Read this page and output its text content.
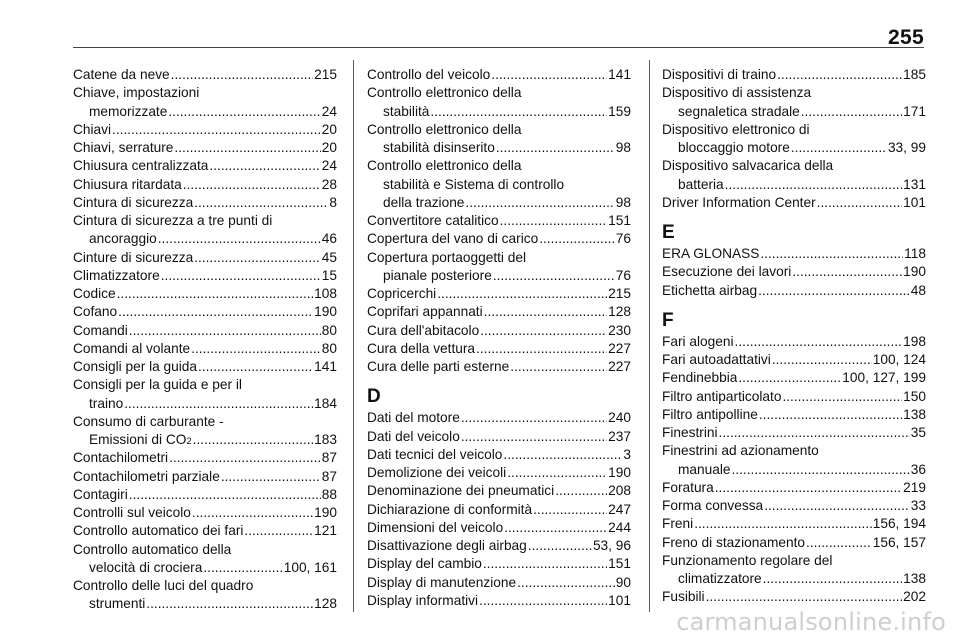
255
Catene da neve .....	215
Chiave, impostazioni
memorizzate .....	24
Chiavi .....	20
Chiavi, serrature .....	20
Chiusura centralizzata .....	24
Chiusura ritardata .....	28
Cintura di sicurezza .....	8
Cintura di sicurezza a tre punti di
ancoraggio .....	46
Cinture di sicurezza .....	45
Climatizzatore .....	15
Codice .....	108
Cofano .....	190
Comandi .....	80
Comandi al volante .....	80
Consigli per la guida .....	141
Consigli per la guida e per il
traino .....	184
Consumo di carburante -
Emissioni di CO 2 .....	183
Contachilometri .....	87
Contachilometri parziale .....	87
Contagiri .....	88
Controlli sul veicolo .....	190
Controllo automatico dei fari .....	121
Controllo automatico della
velocità di crociera .....	100, 161
Controllo delle luci del quadro
strumenti .....	128
Controllo del veicolo .....	141
Controllo elettronico della
stabilità .....	159
Controllo elettronico della
stabilità disinserito .....	98
Controllo elettronico della
stabilità e Sistema di controllo
della trazione .....	98
Convertitore catalitico .....	151
Copertura del vano di carico .....	76
Copertura portaoggetti del
pianale posteriore .....	76
Copricerchi .....	215
Coprifari appannati .....	128
Cura dell'abitacolo .....	230
Cura della vettura .....	227
Cura delle parti esterne .....	227
D
Dati del motore .....	240
Dati del veicolo .....	237
Dati tecnici del veicolo .....	3
Demolizione dei veicoli .....	190
Denominazione dei pneumatici .....	208
Dichiarazione di conformità .....	247
Dimensioni del veicolo .....	244
Disattivazione degli airbag .....	53, 96
Display del cambio .....	151
Display di manutenzione .....	90
Display informativi .....	101
Dispositivi di traino .....	185
Dispositivo di assistenza
segnaletica stradale .....	171
Dispositivo elettronico di
bloccaggio motore .....	33, 99
Dispositivo salvacarica della
batteria .....	131
Driver Information Center .....	101
E
ERA GLONASS .....	118
Esecuzione dei lavori .....	190
Etichetta airbag .....	48
F
Fari alogeni .....	198
Fari autoadattativi .....	100, 124
Fendinebbia .....	100, 127, 199
Filtro antiparticolato .....	150
Filtro antipolline .....	138
Finestrini .....	35
Finestrini ad azionamento
manuale .....	36
Foratura .....	219
Forma convessa .....	33
Freni .....	156, 194
Freno di stazionamento .....	156, 157
Funzionamento regolare del
climatizzatore .....	138
Fusibili .....	202
carmanualsonline.info
